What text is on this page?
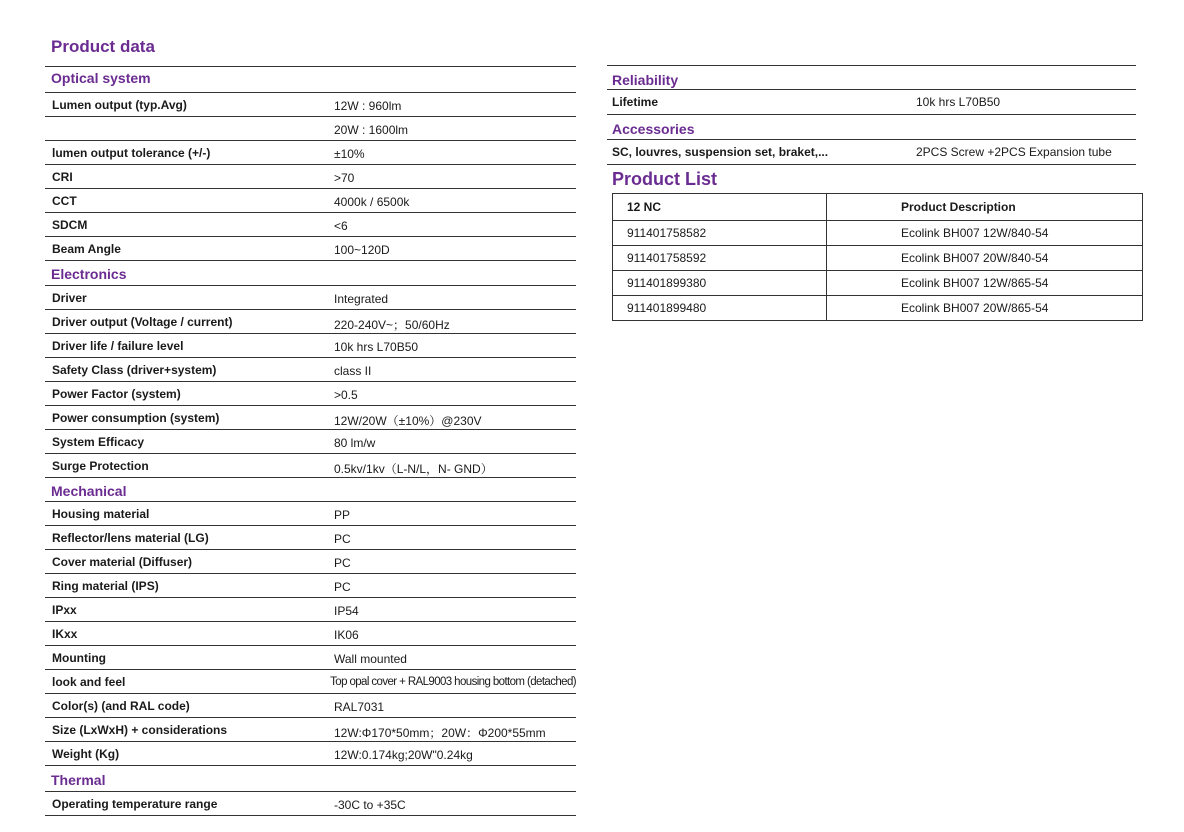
Product data
Optical system
Lumen output (typ.Avg)	12W : 960lm
20W : 1600lm
lumen output tolerance (+/-)	±10%
CRI	>70
CCT	4000k / 6500k
SDCM	<6
Beam Angle	100~120D
Electronics
Driver	Integrated
Driver output (Voltage / current)	220-240V~；50/60Hz
Driver life / failure level	10k hrs L70B50
Safety Class (driver+system)	class II
Power Factor (system)	>0.5
Power consumption (system)	12W/20W（±10%）@230V
System Efficacy	80 lm/w
Surge Protection	0.5kv/1kv（L-N/L，N- GND）
Mechanical
Housing material	PP
Reflector/lens material (LG)	PC
Cover material (Diffuser)	PC
Ring material (IPS)	PC
IPxx	IP54
IKxx	IK06
Mounting	Wall mounted
look and feel	Top opal cover + RAL9003 housing bottom (detached)
Color(s) (and RAL code)	RAL7031
Size (LxWxH) + considerations	12W:Φ170*50mm；20W：Φ200*55mm
Weight (Kg)	12W:0.174kg;20W"0.24kg
Thermal
Operating temperature range	-30C to +35C
Reliability
Lifetime	10k hrs L70B50
Accessories
SC, louvres, suspension set, braket,...	2PCS Screw +2PCS Expansion tube
Product List
12 NC	Product Description
911401758582	Ecolink BH007 12W/840-54
911401758592	Ecolink BH007 20W/840-54
911401899380	Ecolink BH007 12W/865-54
911401899480	Ecolink BH007 20W/865-54
